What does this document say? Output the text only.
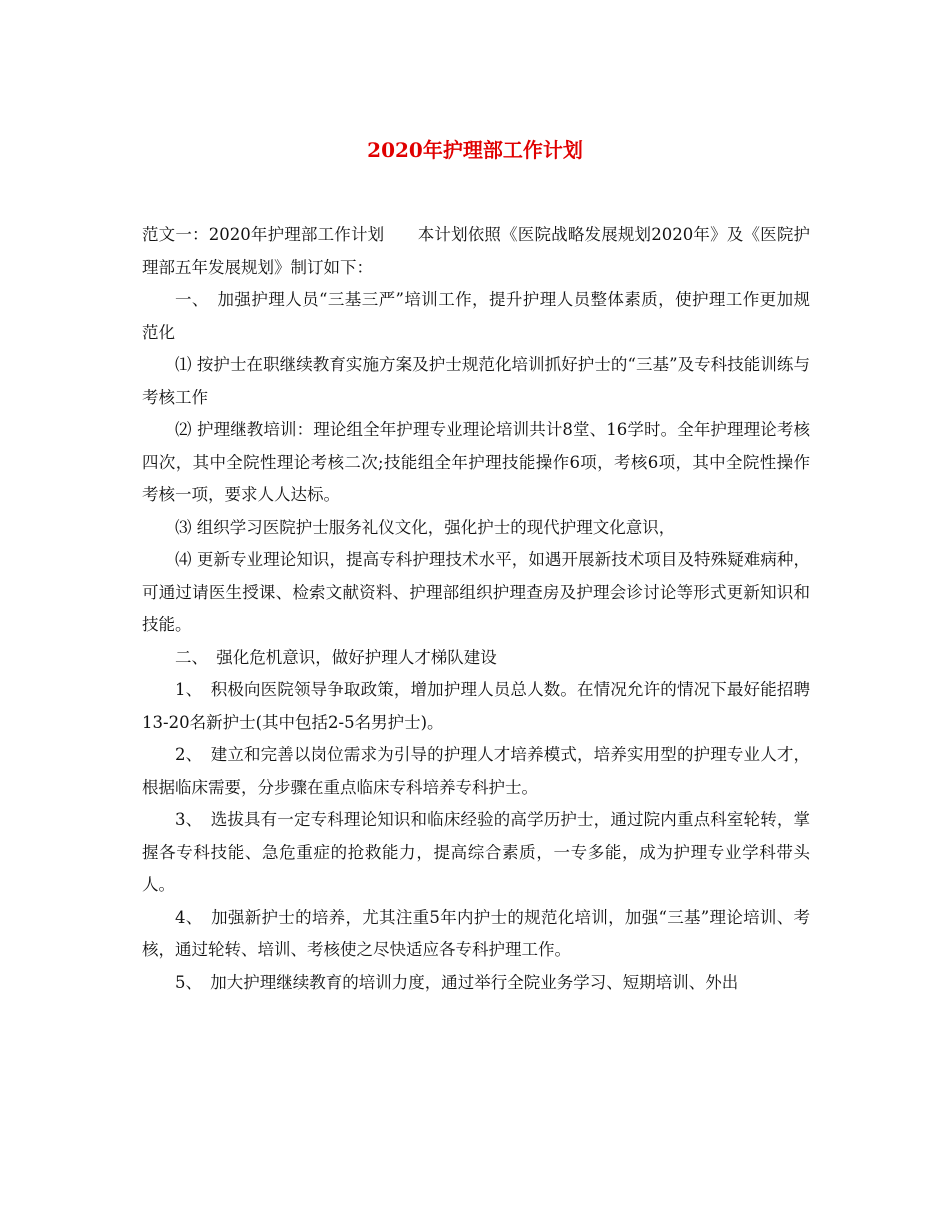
2020年护理部工作计划

范文一：2020年护理部工作计划　　本计划依照《医院战略发展规划2020年》及《医院护理部五年发展规划》制订如下：

一、　加强护理人员“三基三严”培训工作，提升护理人员整体素质，使护理工作更加规范化

⑴ 按护士在职继续教育实施方案及护士规范化培训抓好护士的“三基”及专科技能训练与考核工作

⑵ 护理继教培训：理论组全年护理专业理论培训共计8堂、16学时。全年护理理论考核四次，其中全院性理论考核二次;技能组全年护理技能操作6项，考核6项，其中全院性操作考核一项，要求人人达标。

⑶ 组织学习医院护士服务礼仪文化，强化护士的现代护理文化意识，

⑷ 更新专业理论知识，提高专科护理技术水平，如遇开展新技术项目及特殊疑难病种，可通过请医生授课、检索文献资料、护理部组织护理查房及护理会诊讨论等形式更新知识和技能。

二、　强化危机意识，做好护理人才梯队建设

1、　积极向医院领导争取政策，增加护理人员总人数。在情况允许的情况下最好能招聘13-20名新护士(其中包括2-5名男护士)。

2、　建立和完善以岗位需求为引导的护理人才培养模式，培养实用型的护理专业人才，根据临床需要，分步骤在重点临床专科培养专科护士。

3、　选拔具有一定专科理论知识和临床经验的高学历护士，通过院内重点科室轮转，掌握各专科技能、急危重症的抢救能力，提高综合素质，一专多能，成为护理专业学科带头人。

4、　加强新护士的培养，尤其注重5年内护士的规范化培训，加强“三基”理论培训、考核，通过轮转、培训、考核使之尽快适应各专科护理工作。

5、　加大护理继续教育的培训力度，通过举行全院业务学习、短期培训、外出
